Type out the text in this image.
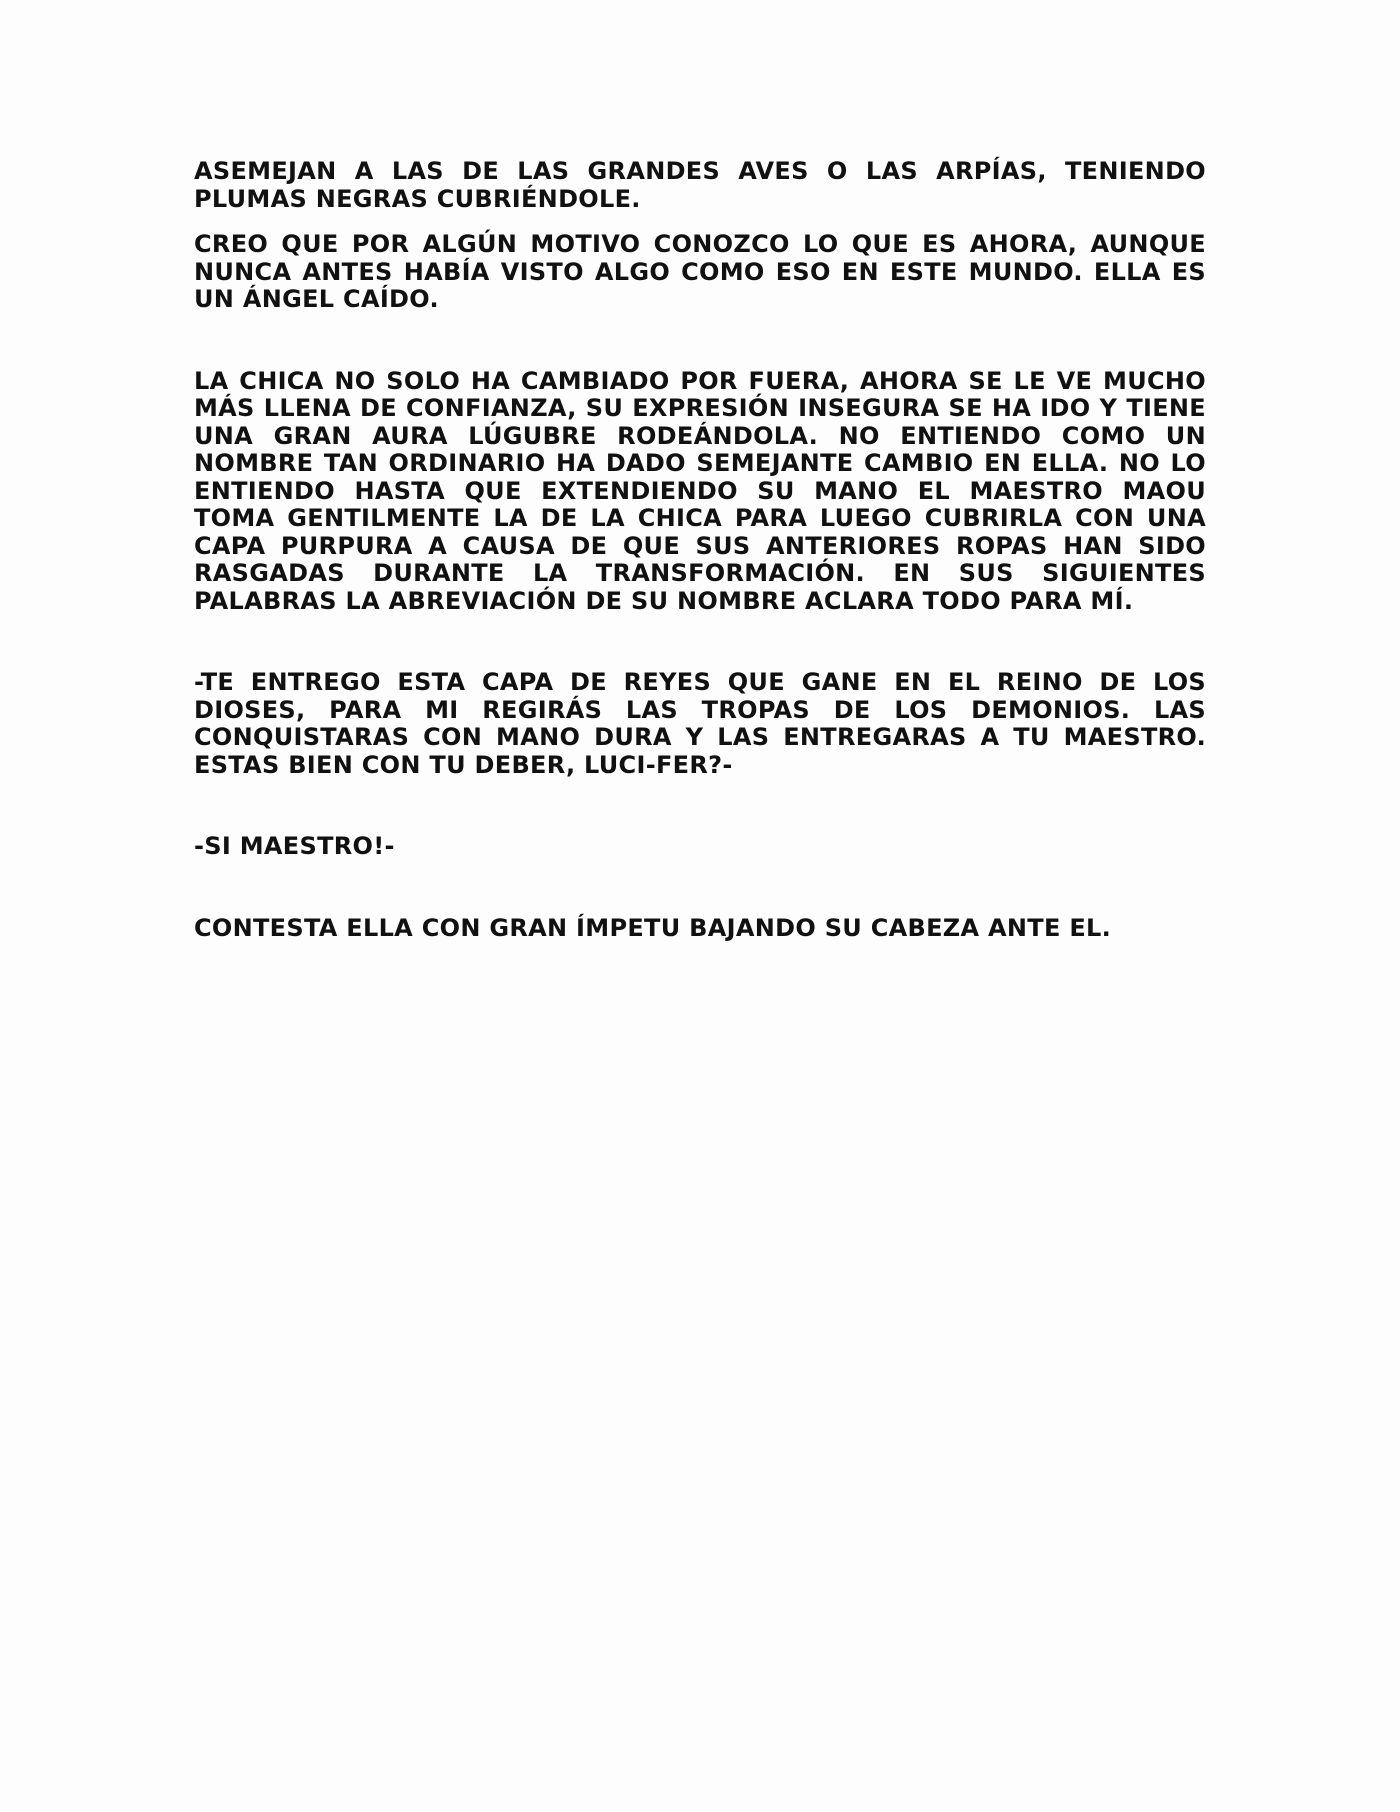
ASEMEJAN A LAS DE LAS GRANDES AVES O LAS ARPÍAS, TENIENDO PLUMAS NEGRAS CUBRIÉNDOLE.

CREO QUE POR ALGÚN MOTIVO CONOZCO LO QUE ES AHORA, AUNQUE NUNCA ANTES HABÍA VISTO ALGO COMO ESO EN ESTE MUNDO. ELLA ES UN ÁNGEL CAÍDO.

LA CHICA NO SOLO HA CAMBIADO POR FUERA, AHORA SE LE VE MUCHO MÁS LLENA DE CONFIANZA, SU EXPRESIÓN INSEGURA SE HA IDO Y TIENE UNA GRAN AURA LÚGUBRE RODEÁNDOLA. NO ENTIENDO COMO UN NOMBRE TAN ORDINARIO HA DADO SEMEJANTE CAMBIO EN ELLA. NO LO ENTIENDO HASTA QUE EXTENDIENDO SU MANO EL MAESTRO MAOU TOMA GENTILMENTE LA DE LA CHICA PARA LUEGO CUBRIRLA CON UNA CAPA PURPURA A CAUSA DE QUE SUS ANTERIORES ROPAS HAN SIDO RASGADAS DURANTE LA TRANSFORMACIÓN. EN SUS SIGUIENTES PALABRAS LA ABREVIACIÓN DE SU NOMBRE ACLARA TODO PARA MÍ.

-TE ENTREGO ESTA CAPA DE REYES QUE GANE EN EL REINO DE LOS DIOSES, PARA MI REGIRÁS LAS TROPAS DE LOS DEMONIOS. LAS CONQUISTARAS CON MANO DURA Y LAS ENTREGARAS A TU MAESTRO. ESTAS BIEN CON TU DEBER, LUCI-FER?-

-SI MAESTRO!-

CONTESTA ELLA CON GRAN ÍMPETU BAJANDO SU CABEZA ANTE EL.
